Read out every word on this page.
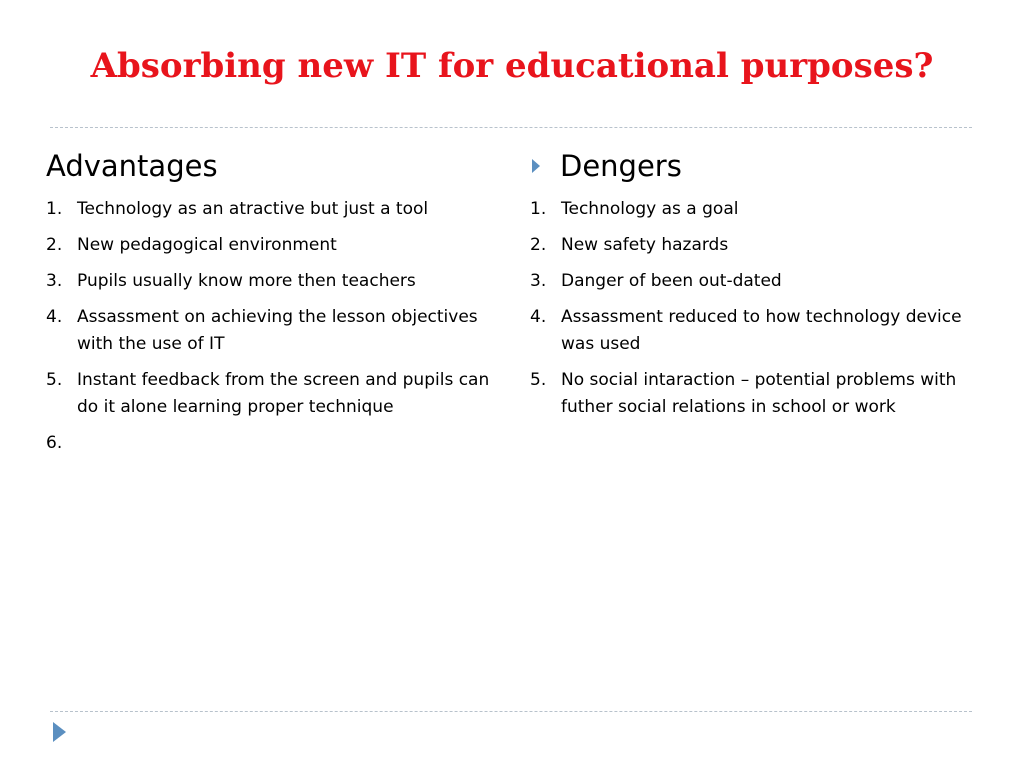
Absorbing new IT for educational purposes?
Advantages
1. Technology as an atractive but just a tool
2. New pedagogical environment
3. Pupils usually know more then teachers
4. Assassment on achieving the lesson objectives with the use of IT
5. Instant feedback from the screen and pupils can do it alone learning proper technique
6.

Dengers
1. Technology as a goal
2. New safety hazards
3. Danger of been out-dated
4. Assassment reduced to how technology device was used
5. No social intaraction – potential problems with futher social relations in school or work
